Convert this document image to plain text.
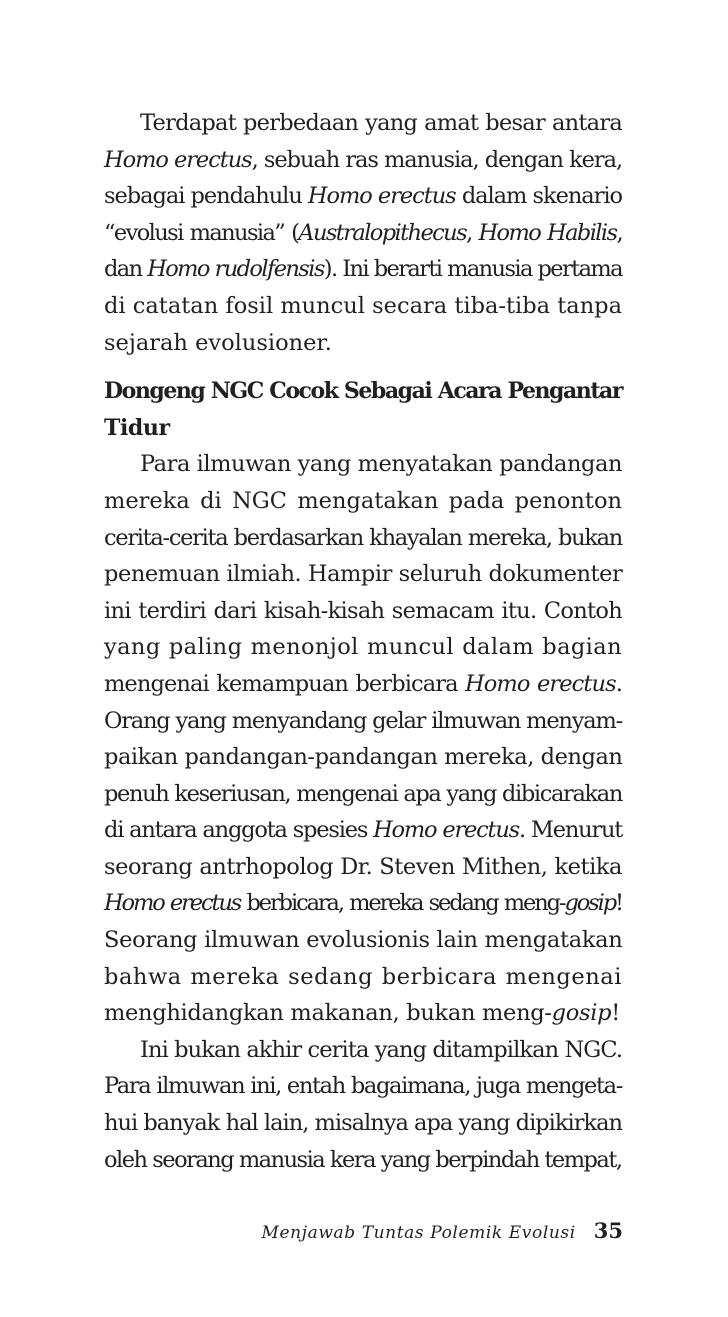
Terdapat perbedaan yang amat besar antara
Homo erectus, sebuah ras manusia, dengan kera,
sebagai pendahulu Homo erectus dalam skenario
“evolusi manusia” (Australopithecus, Homo Habilis,
dan Homo rudolfensis). Ini berarti manusia pertama
di catatan fosil muncul secara tiba-tiba tanpa
sejarah evolusioner.
Dongeng NGC Cocok Sebagai Acara Pengantar
Tidur
Para ilmuwan yang menyatakan pandangan
mereka di NGC mengatakan pada penonton
cerita-cerita berdasarkan khayalan mereka, bukan
penemuan ilmiah. Hampir seluruh dokumenter
ini terdiri dari kisah-kisah semacam itu. Contoh
yang paling menonjol muncul dalam bagian
mengenai kemampuan berbicara Homo erectus.
Orang yang menyandang gelar ilmuwan menyam-
paikan pandangan-pandangan mereka, dengan
penuh keseriusan, mengenai apa yang dibicarakan
di antara anggota spesies Homo erectus. Menurut
seorang antrhopolog Dr. Steven Mithen, ketika
Homo erectus berbicara, mereka sedang meng-gosip!
Seorang ilmuwan evolusionis lain mengatakan
bahwa mereka sedang berbicara mengenai
menghidangkan makanan, bukan meng-gosip!
Ini bukan akhir cerita yang ditampilkan NGC.
Para ilmuwan ini, entah bagaimana, juga mengeta-
hui banyak hal lain, misalnya apa yang dipikirkan
oleh seorang manusia kera yang berpindah tempat,
Menjawab Tuntas Polemik Evolusi 35
